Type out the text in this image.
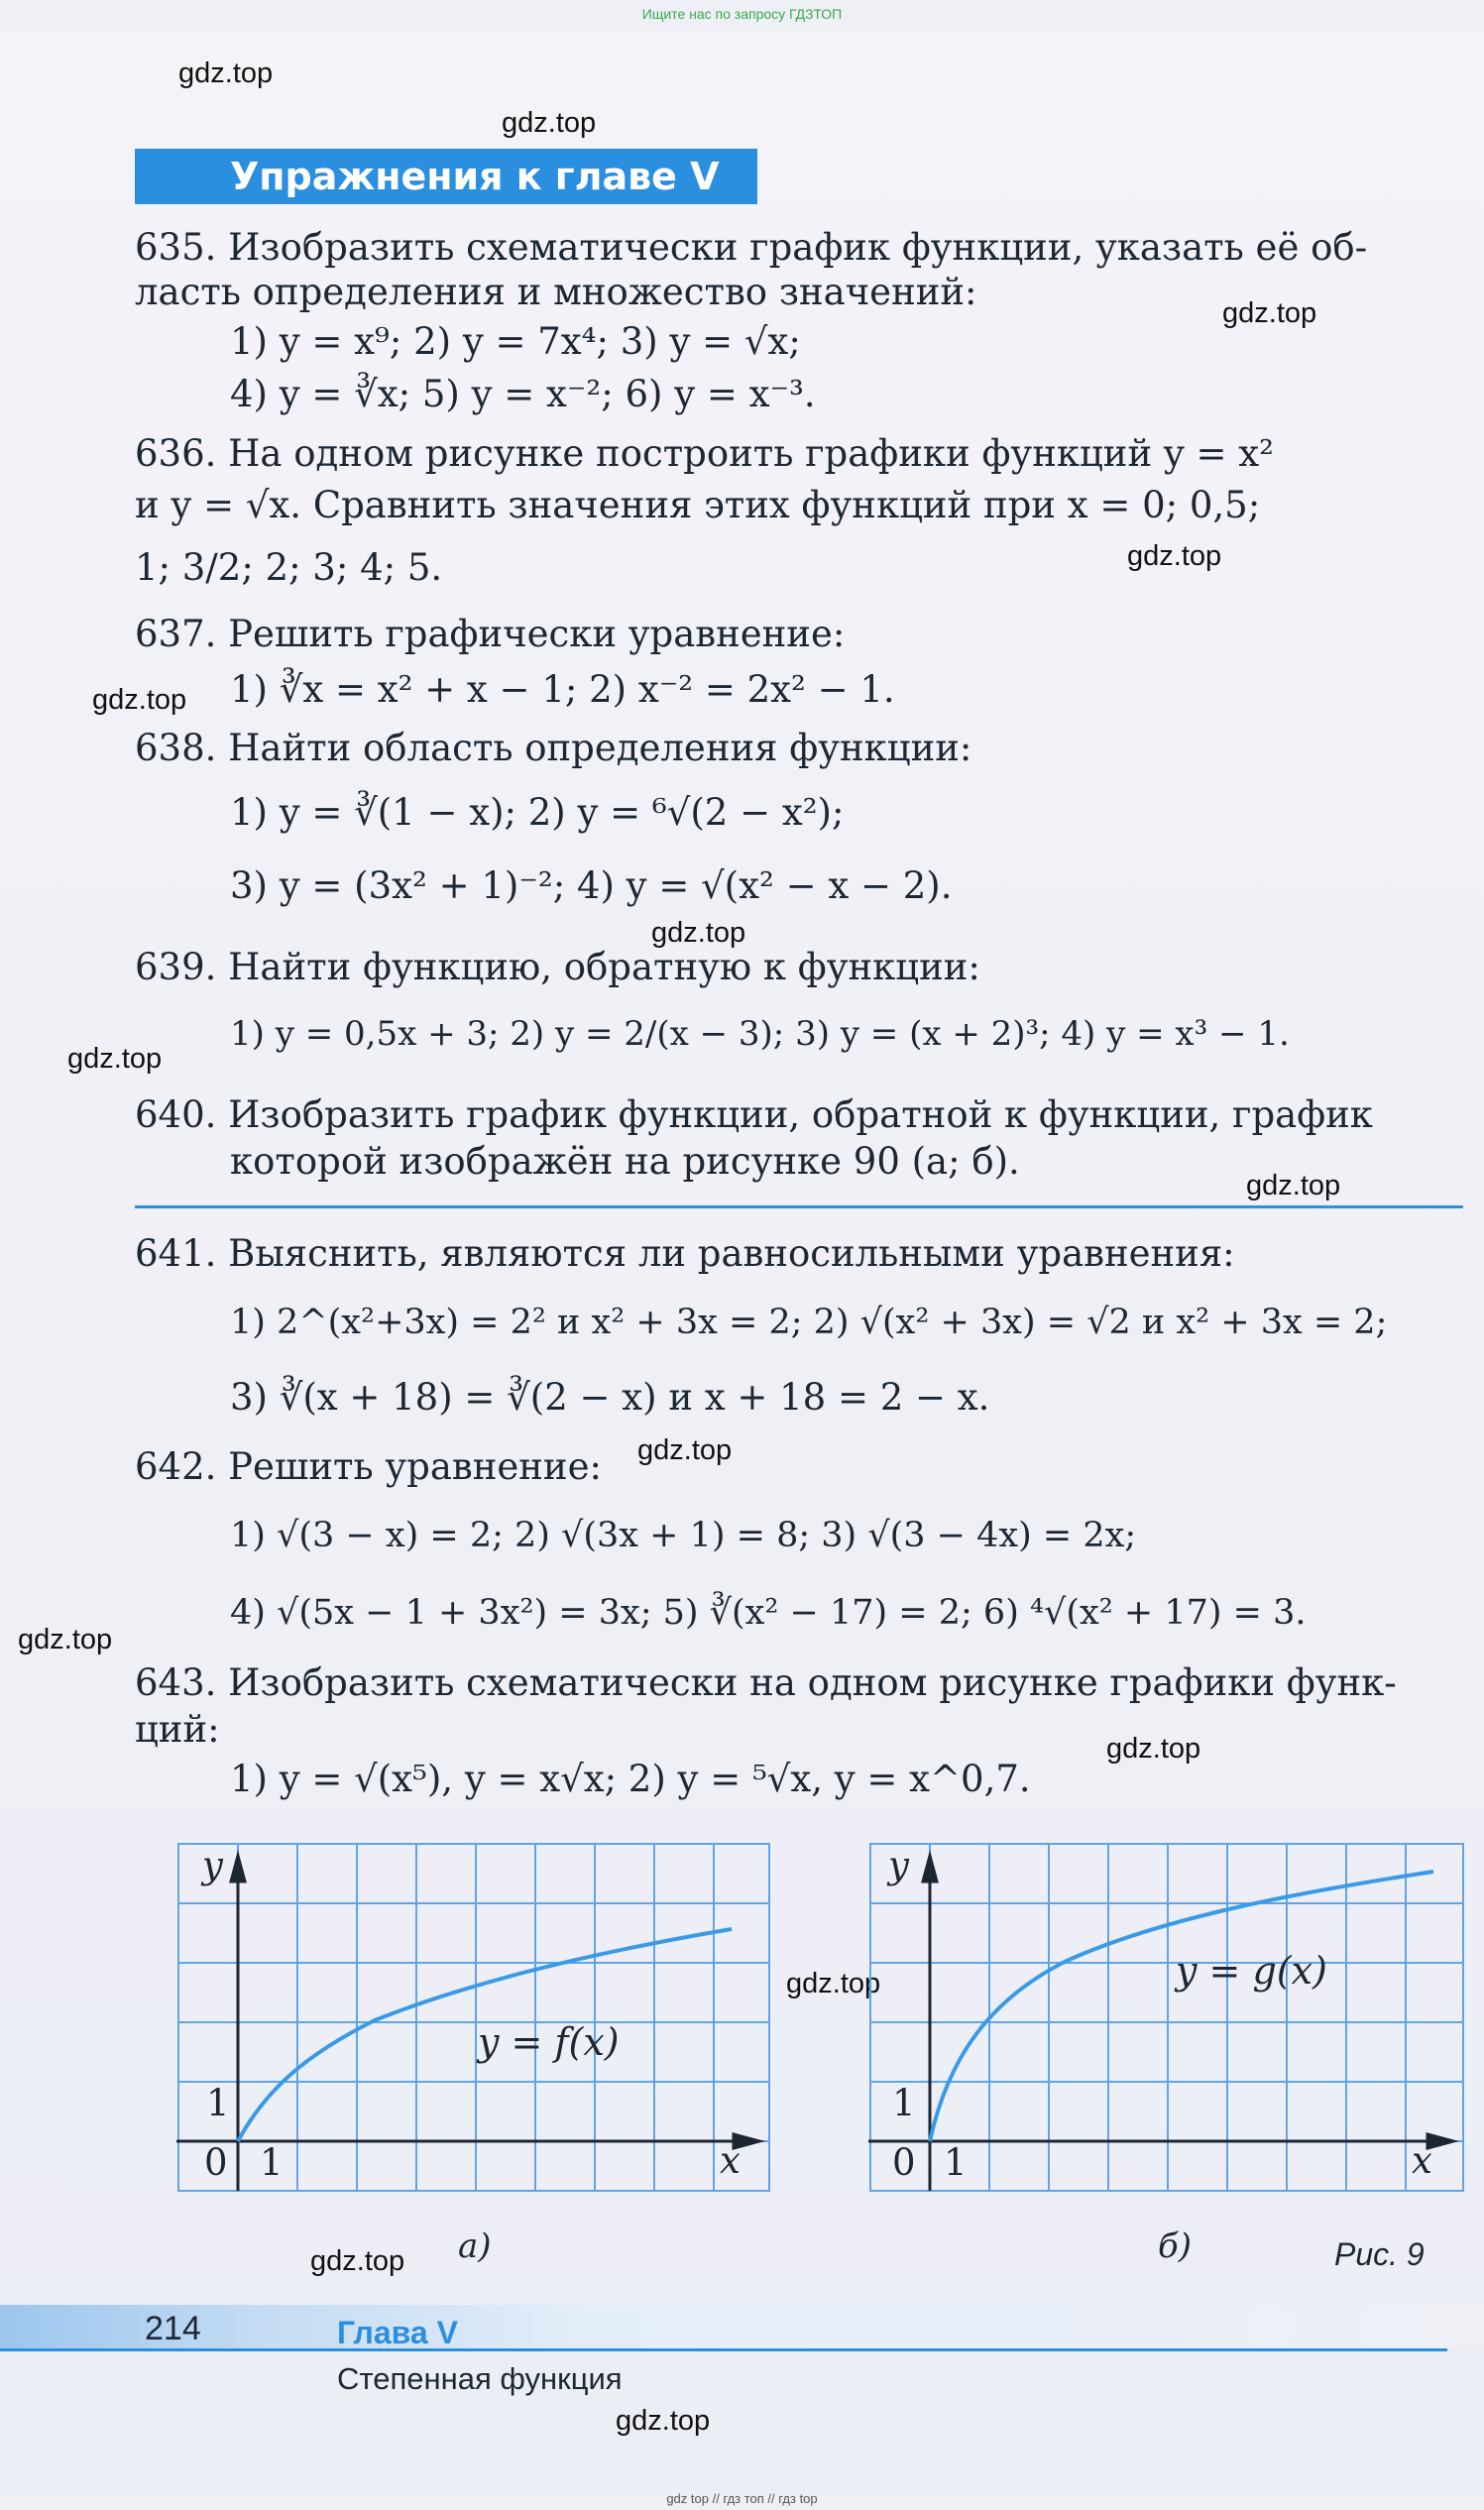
Ищите нас по запросу ГДЗТОП
gdz.top
gdz.top
gdz.top
gdz.top
gdz.top
gdz.top
gdz.top
gdz.top
gdz.top
gdz.top
gdz.top
gdz.top
gdz.top
gdz.top
Упражнения к главе V
635. Изобразить схематически график функции, указать её об-
ласть определения и множество значений:
1) y = x⁹; 2) y = 7x⁴; 3) y = √x;
4) y = ∛x; 5) y = x⁻²; 6) y = x⁻³.
636. На одном рисунке построить графики функций y = x²
и y = √x. Сравнить значения этих функций при x = 0; 0,5;
1; 3/2; 2; 3; 4; 5.
637. Решить графически уравнение:
1) ∛x = x² + x − 1; 2) x⁻² = 2x² − 1.
638. Найти область определения функции:
1) y = ∛(1 − x); 2) y = ⁶√(2 − x²);
3) y = (3x² + 1)⁻²; 4) y = √(x² − x − 2).
639. Найти функцию, обратную к функции:
1) y = 0,5x + 3; 2) y = 2/(x − 3); 3) y = (x + 2)³; 4) y = x³ − 1.
640. Изобразить график функции, обратной к функции, график
которой изображён на рисунке 90 (а; б).
641. Выяснить, являются ли равносильными уравнения:
1) 2^(x²+3x) = 2² и x² + 3x = 2; 2) √(x² + 3x) = √2 и x² + 3x = 2;
3) ∛(x + 18) = ∛(2 − x) и x + 18 = 2 − x.
642. Решить уравнение:
1) √(3 − x) = 2; 2) √(3x + 1) = 8; 3) √(3 − 4x) = 2x;
4) √(5x − 1 + 3x²) = 3x; 5) ∛(x² − 17) = 2; 6) ⁴√(x² + 17) = 3.
643. Изобразить схематически на одном рисунке графики функ-
ций:
1) y = √(x⁵), y = x√x; 2) y = ⁵√x, y = x^0,7.
y
x
0 1
1
y = f(x)
а)
y
x
0 1
1
y = g(x)
б)	Рис. 9
214	Глава V
Степенная функция
gdz top // гдз топ // гдз top
